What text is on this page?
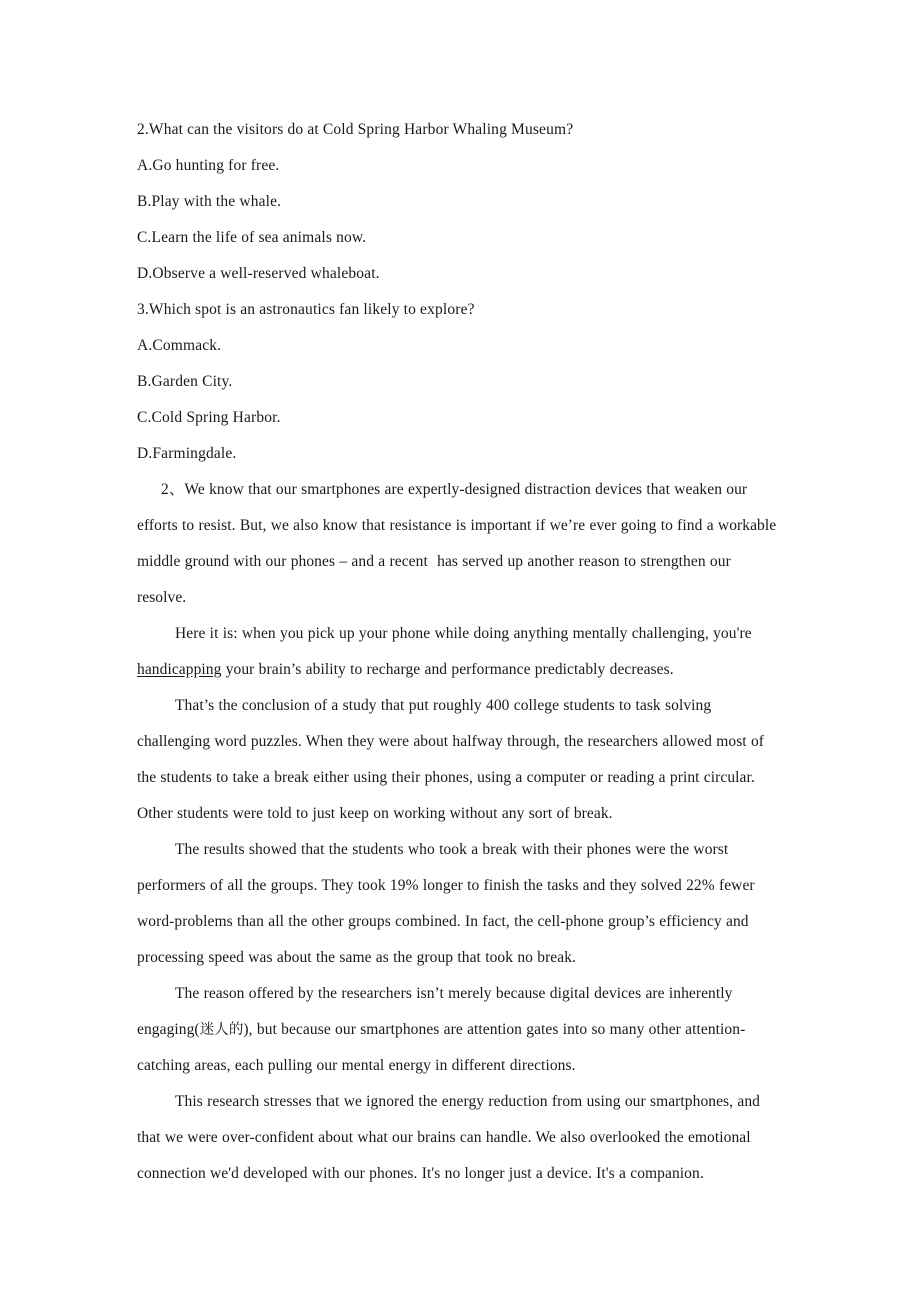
2.What can the visitors do at Cold Spring Harbor Whaling Museum?
A.Go hunting for free.
B.Play with the whale.
C.Learn the life of sea animals now.
D.Observe a well-reserved whaleboat.
3.Which spot is an astronautics fan likely to explore?
A.Commack.
B.Garden City.
C.Cold Spring Harbor.
D.Farmingdale.

2、We know that our smartphones are expertly-designed distraction devices that weaken our efforts to resist. But, we also know that resistance is important if we’re ever going to find a workable middle ground with our phones – and a recent has served up another reason to strengthen our resolve.

Here it is: when you pick up your phone while doing anything mentally challenging, you're handicapping your brain’s ability to recharge and performance predictably decreases.

That’s the conclusion of a study that put roughly 400 college students to task solving challenging word puzzles. When they were about halfway through, the researchers allowed most of the students to take a break either using their phones, using a computer or reading a print circular. Other students were told to just keep on working without any sort of break.

The results showed that the students who took a break with their phones were the worst performers of all the groups. They took 19% longer to finish the tasks and they solved 22% fewer word-problems than all the other groups combined. In fact, the cell-phone group’s efficiency and processing speed was about the same as the group that took no break.

The reason offered by the researchers isn’t merely because digital devices are inherently engaging(迷人的), but because our smartphones are attention gates into so many other attention-catching areas, each pulling our mental energy in different directions.

This research stresses that we ignored the energy reduction from using our smartphones, and that we were over-confident about what our brains can handle. We also overlooked the emotional connection we'd developed with our phones. It's no longer just a device. It's a companion.
